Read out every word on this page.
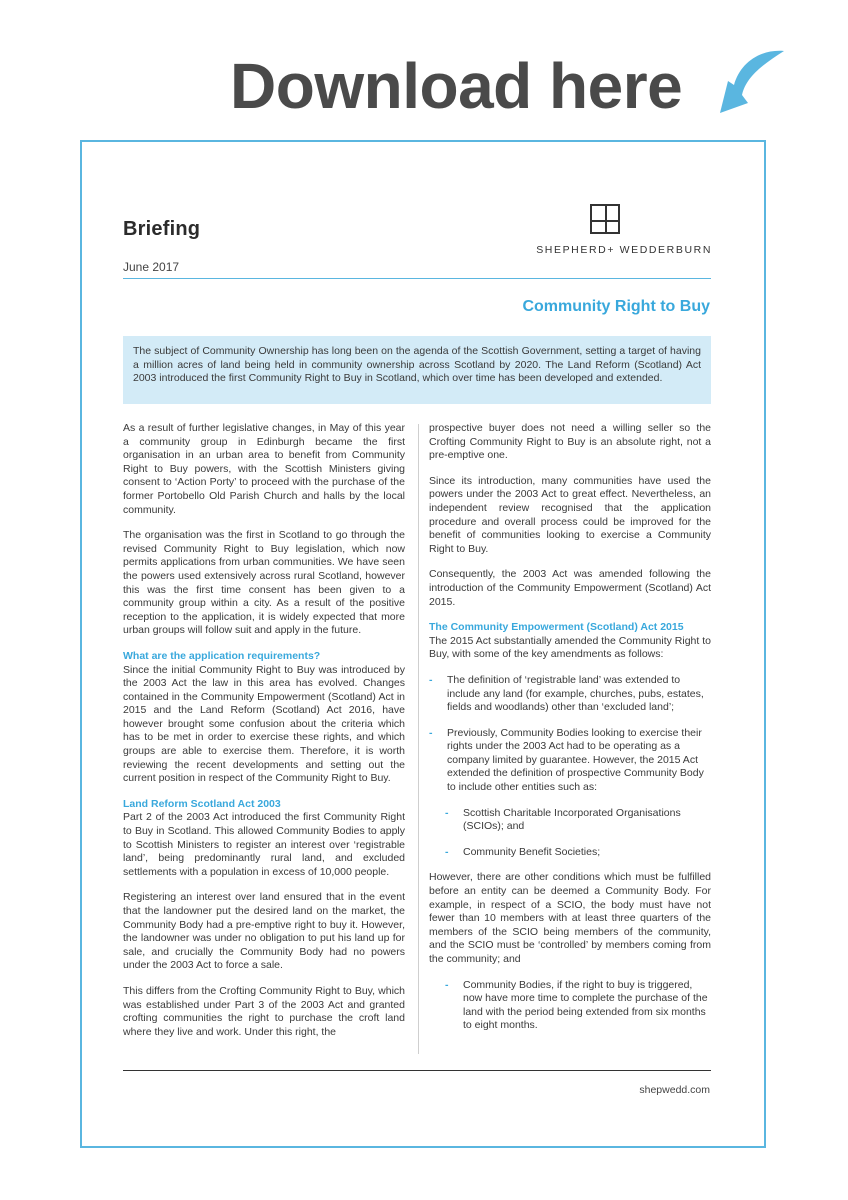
Download here
Briefing
June 2017
SHEPHERD+ WEDDERBURN
Community Right to Buy
The subject of Community Ownership has long been on the agenda of the Scottish Government, setting a target of having a million acres of land being held in community ownership across Scotland by 2020. The Land Reform (Scotland) Act 2003 introduced the first Community Right to Buy in Scotland, which over time has been developed and extended.

As a result of further legislative changes, in May of this year a community group in Edinburgh became the first organisation in an urban area to benefit from Community Right to Buy powers, with the Scottish Ministers giving consent to ‘Action Porty’ to proceed with the purchase of the former Portobello Old Parish Church and halls by the local community.

The organisation was the first in Scotland to go through the revised Community Right to Buy legislation, which now permits applications from urban communities. We have seen the powers used extensively across rural Scotland, however this was the first time consent has been given to a community group within a city. As a result of the positive reception to the application, it is widely expected that more urban groups will follow suit and apply in the future.

What are the application requirements?

Since the initial Community Right to Buy was introduced by the 2003 Act the law in this area has evolved. Changes contained in the Community Empowerment (Scotland) Act in 2015 and the Land Reform (Scotland) Act 2016, have however brought some confusion about the criteria which has to be met in order to exercise these rights, and which groups are able to exercise them. Therefore, it is worth reviewing the recent developments and setting out the current position in respect of the Community Right to Buy.

Land Reform Scotland Act 2003

Part 2 of the 2003 Act introduced the first Community Right to Buy in Scotland. This allowed Community Bodies to apply to Scottish Ministers to register an interest over ‘registrable land’, being predominantly rural land, and excluded settlements with a population in excess of 10,000 people.

Registering an interest over land ensured that in the event that the landowner put the desired land on the market, the Community Body had a pre-emptive right to buy it. However, the landowner was under no obligation to put his land up for sale, and crucially the Community Body had no powers under the 2003 Act to force a sale.

This differs from the Crofting Community Right to Buy, which was established under Part 3 of the 2003 Act and granted crofting communities the right to purchase the croft land where they live and work. Under this right, the

prospective buyer does not need a willing seller so the Crofting Community Right to Buy is an absolute right, not a pre-emptive one.

Since its introduction, many communities have used the powers under the 2003 Act to great effect. Nevertheless, an independent review recognised that the application procedure and overall process could be improved for the benefit of communities looking to exercise a Community Right to Buy.

Consequently, the 2003 Act was amended following the introduction of the Community Empowerment (Scotland) Act 2015.

The Community Empowerment (Scotland) Act 2015

The 2015 Act substantially amended the Community Right to Buy, with some of the key amendments as follows:

- The definition of ‘registrable land’ was extended to include any land (for example, churches, pubs, estates, fields and woodlands) other than ‘excluded land’;
- Previously, Community Bodies looking to exercise their rights under the 2003 Act had to be operating as a company limited by guarantee. However, the 2015 Act extended the definition of prospective Community Body to include other entities such as:
- Scottish Charitable Incorporated Organisations (SCIOs); and
- Community Benefit Societies;

However, there are other conditions which must be fulfilled before an entity can be deemed a Community Body. For example, in respect of a SCIO, the body must have not fewer than 10 members with at least three quarters of the members of the SCIO being members of the community, and the SCIO must be ‘controlled’ by members coming from the community; and

- Community Bodies, if the right to buy is triggered, now have more time to complete the purchase of the land with the period being extended from six months to eight months.
shepwedd.com
